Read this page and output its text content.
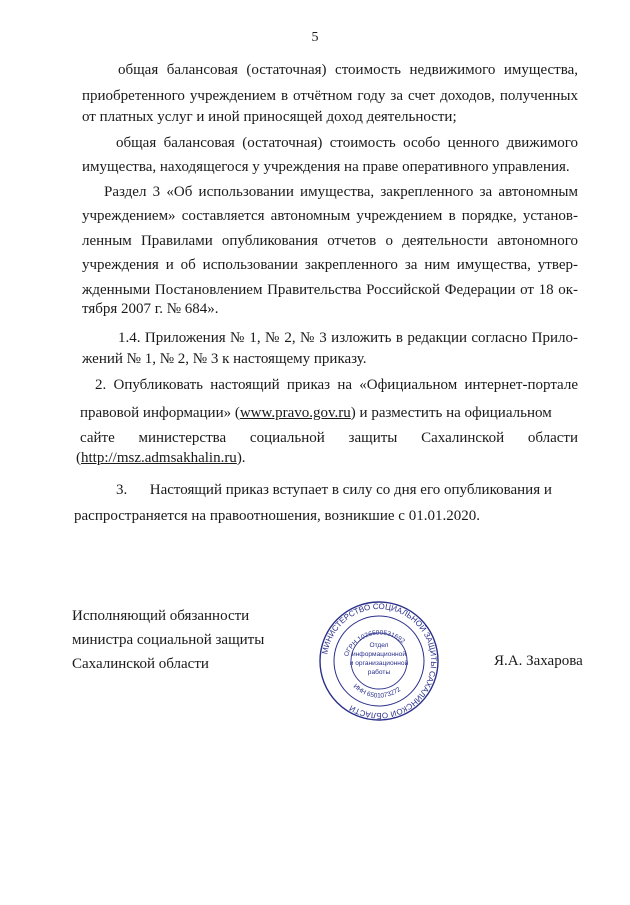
5
общая балансовая (остаточная) стоимость недвижимого имущества,
приобретенного учреждением в отчётном году за счет доходов, полученных
от платных услуг и иной приносящей доход деятельности;
общая балансовая (остаточная) стоимость особо ценного движимого
имущества, находящегося у учреждения на праве оперативного управления.
Раздел 3 «Об использовании имущества, закрепленного за автономным
учреждением» составляется автономным учреждением в порядке, установ-
ленным Правилами опубликования отчетов о деятельности автономного
учреждения и об использовании закрепленного за ним имущества, утвер-
жденными Постановлением Правительства Российской Федерации от 18 ок-
тября 2007 г. № 684».
1.4. Приложения № 1, № 2, № 3 изложить в редакции согласно Прило-
жений № 1, № 2, № 3 к настоящему приказу.
2. Опубликовать настоящий приказ на «Официальном интернет-портале
правовой информации» (www.pravo.gov.ru) и разместить на официальном
сайте министерства социальной защиты Сахалинской области
(http://msz.admsakhalin.ru).
3.      Настоящий приказ вступает в силу со дня его опубликования и
распространяется на правоотношения, возникшие с 01.01.2020.
Исполняющий обязанности
министра социальной защиты
Сахалинской области
МИНИСТЕРСТВО СОЦИАЛЬНОЙ ЗАЩИТЫ САХАЛИНСКОЙ ОБЛАСТИ
ОГРН 1026500531692
ИНН 6501073272
Отдел
информационной
и организационной
работы
Я.А. Захарова
